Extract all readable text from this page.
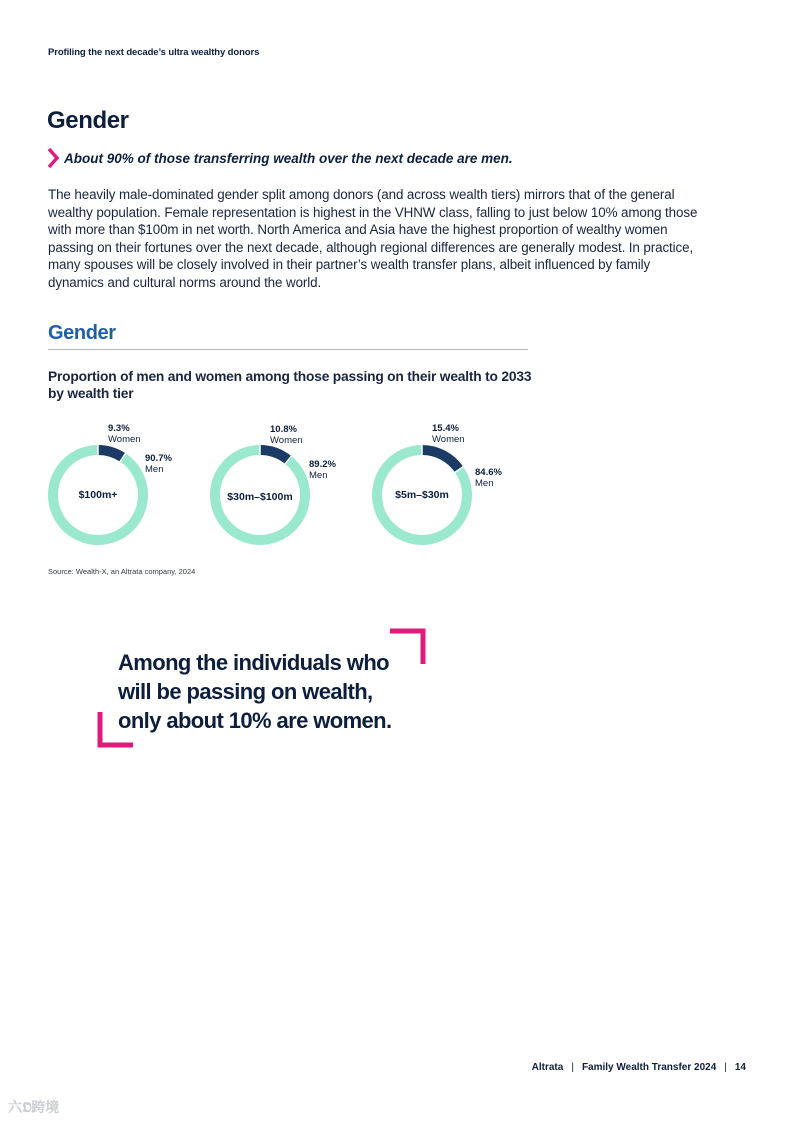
Profiling the next decade’s ultra wealthy donors
Gender
About 90% of those transferring wealth over the next decade are men.

The heavily male-dominated gender split among donors (and across wealth tiers) mirrors that of the general wealthy population. Female representation is highest in the VHNW class, falling to just below 10% among those with more than $100m in net worth. North America and Asia have the highest proportion of wealthy women passing on their fortunes over the next decade, although regional differences are generally modest. In practice, many spouses will be closely involved in their partner’s wealth transfer plans, albeit influenced by family dynamics and cultural norms around the world.

Gender

Proportion of men and women among those passing on their wealth to 2033 by wealth tier

$100m+
9.3%
Women
90.7%
Men
$30m–$100m
10.8%
Women
89.2%
Men
$5m–$30m
15.4%
Women
84.6%
Men
Source: Wealth-X, an Altrata company, 2024

Among the individuals who
will be passing on wealth,
only about 10% are women.

Altrata | Family Wealth Transfer 2024 | 14
六𝕺跨境
